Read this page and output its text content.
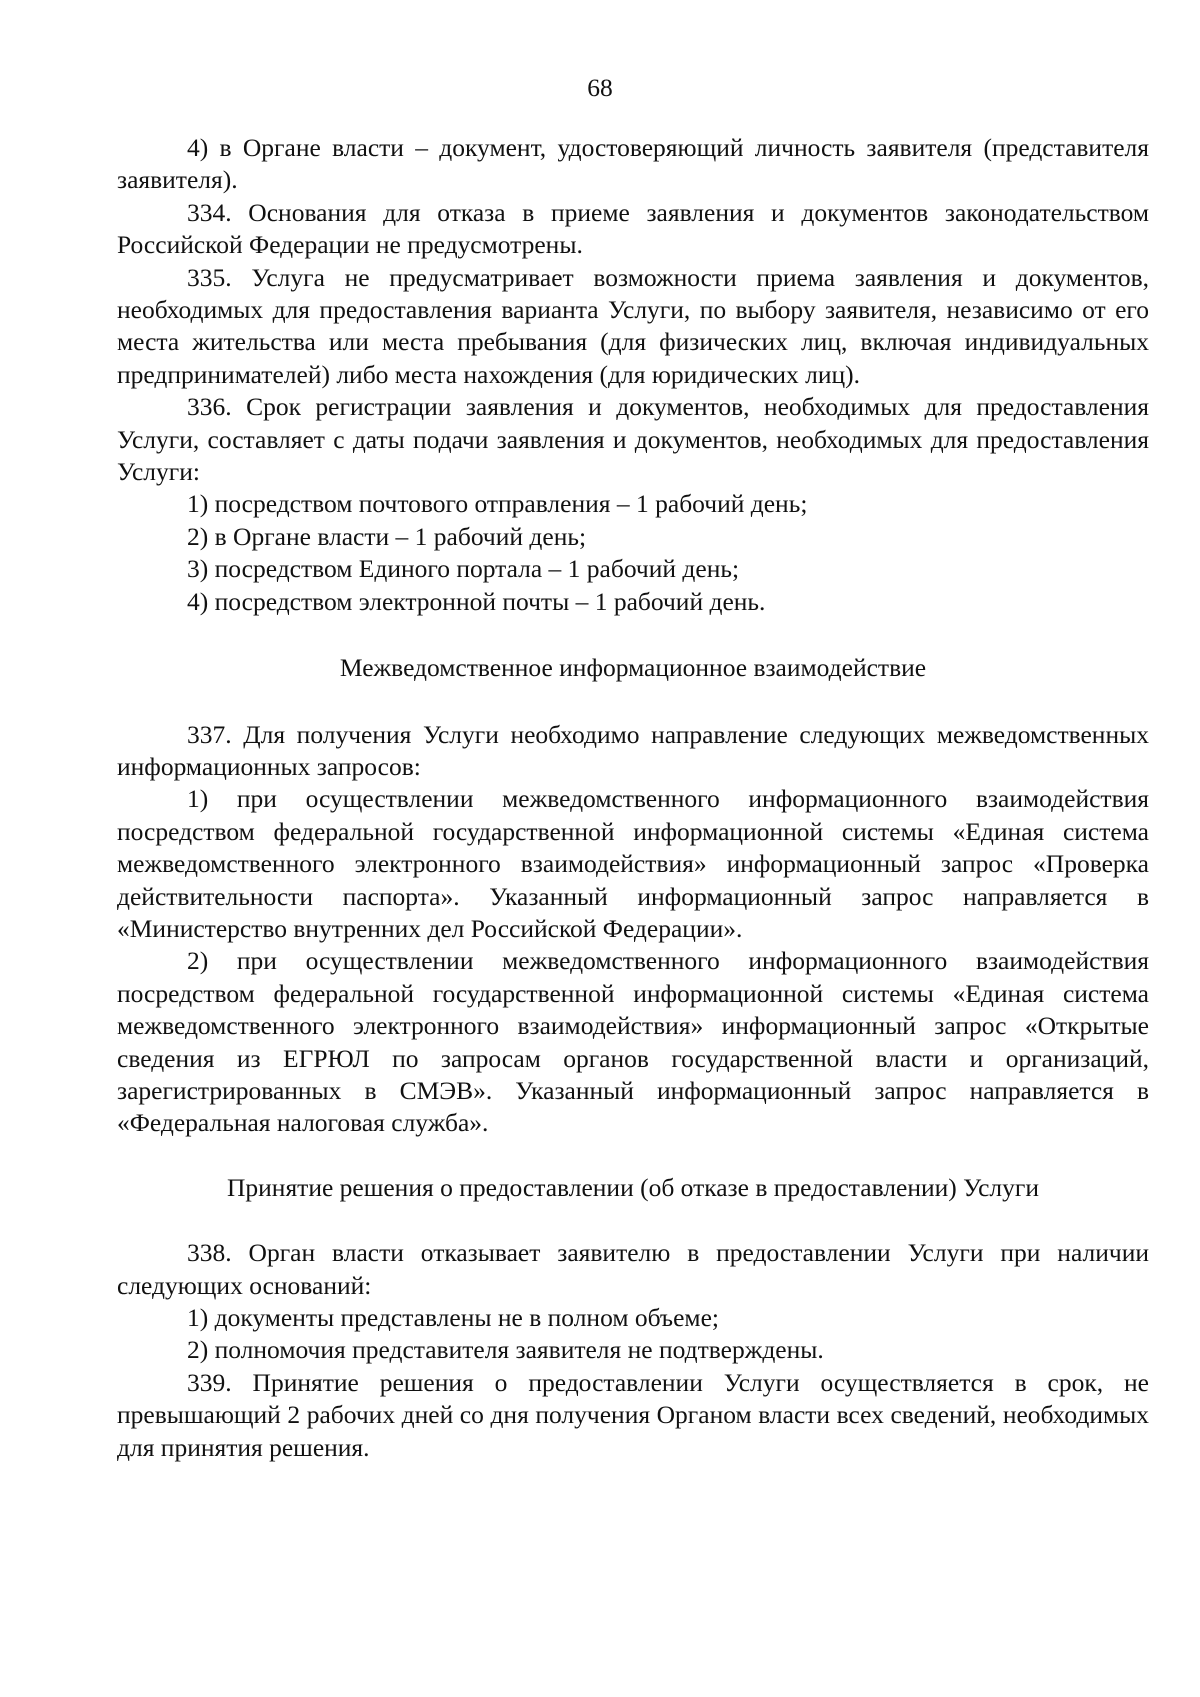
68

4) в Органе власти – документ, удостоверяющий личность заявителя (представителя заявителя).

334. Основания для отказа в приеме заявления и документов законодательством Российской Федерации не предусмотрены.

335. Услуга не предусматривает возможности приема заявления и документов, необходимых для предоставления варианта Услуги, по выбору заявителя, независимо от его места жительства или места пребывания (для физических лиц, включая индивидуальных предпринимателей) либо места нахождения (для юридических лиц).

336. Срок регистрации заявления и документов, необходимых для предоставления Услуги, составляет с даты подачи заявления и документов, необходимых для предоставления Услуги:

1) посредством почтового отправления – 1 рабочий день;

2) в Органе власти – 1 рабочий день;

3) посредством Единого портала – 1 рабочий день;

4) посредством электронной почты – 1 рабочий день.

Межведомственное информационное взаимодействие

337. Для получения Услуги необходимо направление следующих межведомственных информационных запросов:

1) при осуществлении межведомственного информационного взаимодействия посредством федеральной государственной информационной системы «Единая система межведомственного электронного взаимодействия» информационный запрос «Проверка действительности паспорта». Указанный информационный запрос направляется в «Министерство внутренних дел Российской Федерации».

2) при осуществлении межведомственного информационного взаимодействия посредством федеральной государственной информационной системы «Единая система межведомственного электронного взаимодействия» информационный запрос «Открытые сведения из ЕГРЮЛ по запросам органов государственной власти и организаций, зарегистрированных в СМЭВ». Указанный информационный запрос направляется в «Федеральная налоговая служба».

Принятие решения о предоставлении (об отказе в предоставлении) Услуги

338. Орган власти отказывает заявителю в предоставлении Услуги при наличии следующих оснований:

1) документы представлены не в полном объеме;

2) полномочия представителя заявителя не подтверждены.

339. Принятие решения о предоставлении Услуги осуществляется в срок, не превышающий 2 рабочих дней со дня получения Органом власти всех сведений, необходимых для принятия решения.
